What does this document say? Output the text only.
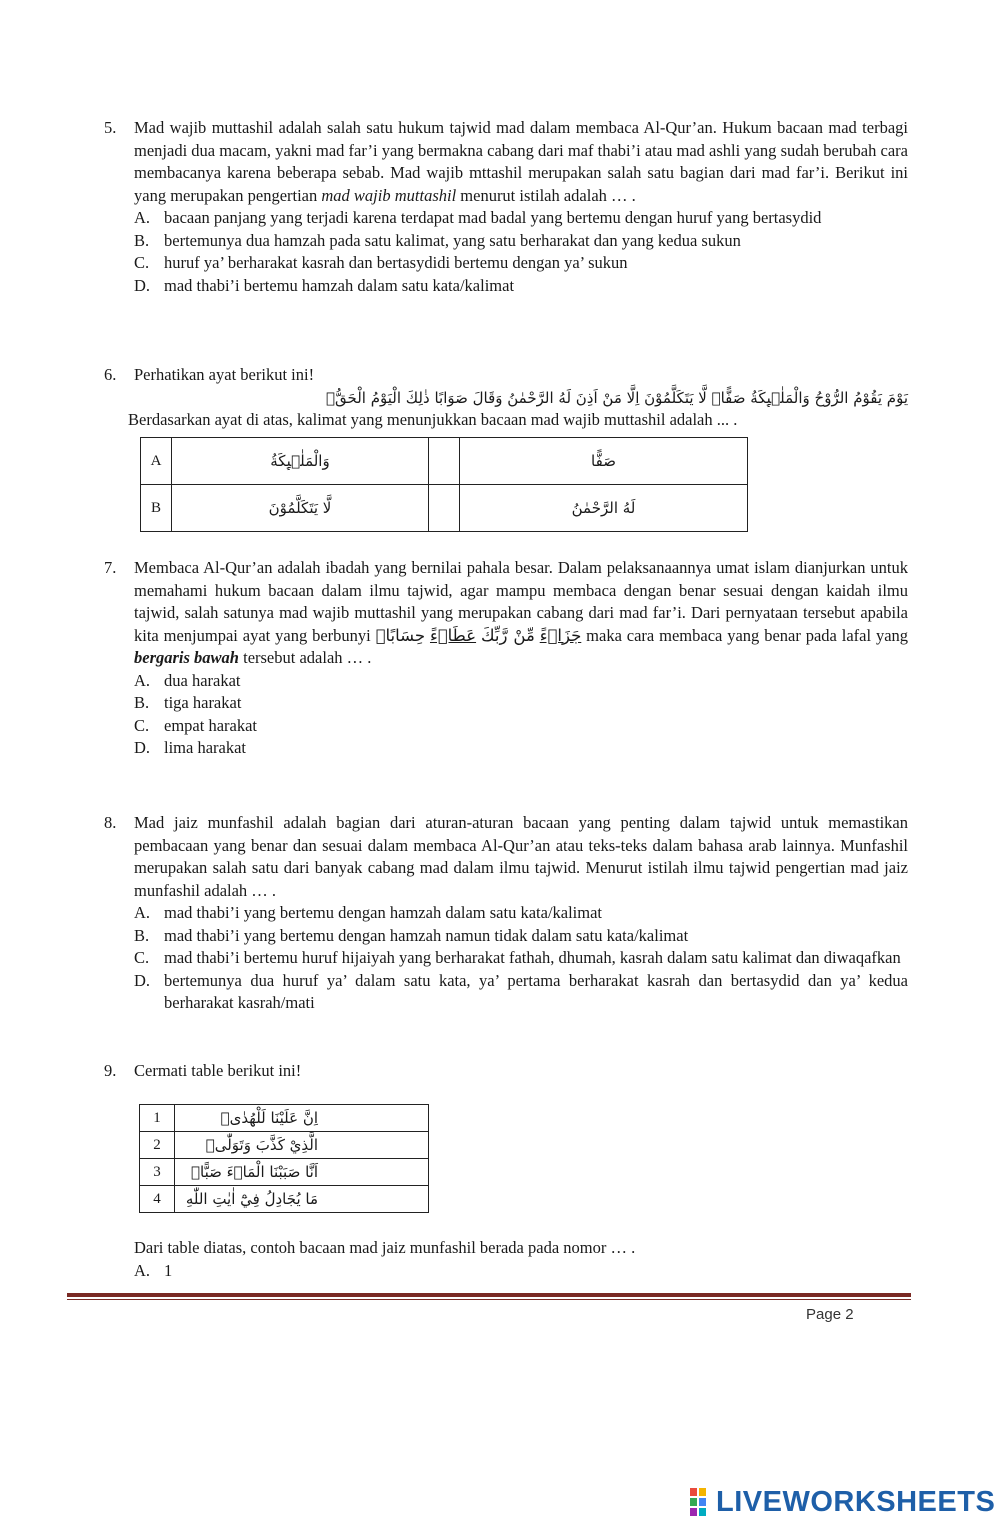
5.	Mad wajib muttashil adalah salah satu hukum tajwid mad dalam membaca Al-Qur’an. Hukum bacaan mad terbagi menjadi dua macam, yakni mad far’i yang bermakna cabang dari maf thabi’i atau mad ashli yang sudah berubah cara membacanya karena beberapa sebab. Mad wajib mttashil merupakan salah satu bagian dari mad far’i. Berikut ini yang merupakan pengertian mad wajib muttashil menurut istilah adalah … .
A. bacaan panjang yang terjadi karena terdapat mad badal yang bertemu dengan huruf yang bertasydid
B. bertemunya dua hamzah pada satu kalimat, yang satu berharakat dan yang kedua sukun
C. huruf ya’ berharakat kasrah dan bertasydidi bertemu dengan ya’ sukun
D. mad thabi’i bertemu hamzah dalam satu kata/kalimat
6.	Perhatikan ayat berikut ini!
يَوْمَ يَقُوْمُ الرُّوْحُ وَالْمَلٰۤىِٕكَةُ صَفًّاۙ لَّا يَتَكَلَّمُوْنَ اِلَّا مَنْ اَذِنَ لَهُ الرَّحْمٰنُ وَقَالَ صَوَابًا ذٰلِكَ الْيَوْمُ الْحَقُّۚ
Berdasarkan ayat di atas, kalimat yang menunjukkan bacaan mad wajib muttashil adalah ... .
A	وَالْمَلٰۤىِٕكَةُ		صَفًّا
B	لَّا يَتَكَلَّمُوْنَ		لَهُ الرَّحْمٰنُ
7.	Membaca Al-Qur’an adalah ibadah yang bernilai pahala besar. Dalam pelaksanaannya umat islam dianjurkan untuk memahami hukum bacaan dalam ilmu tajwid, agar mampu membaca dengan benar sesuai dengan kaidah ilmu tajwid, salah satunya mad wajib muttashil yang merupakan cabang dari mad far’i. Dari pernyataan tersebut apabila kita menjumpai ayat yang berbunyi	جَزَاۤءً مِّنْ رَّبِّكَ عَطَاۤءً حِسَابًاۙ	maka cara membaca yang benar pada lafal yang bergaris bawah tersebut adalah … .
A. dua harakat
B. tiga harakat
C. empat harakat
D. lima harakat
8.	Mad jaiz munfashil adalah bagian dari aturan-aturan bacaan yang penting dalam tajwid untuk memastikan pembacaan yang benar dan sesuai dalam membaca Al-Qur’an atau teks-teks dalam bahasa arab lainnya. Munfashil merupakan salah satu dari banyak cabang mad dalam ilmu tajwid. Menurut istilah ilmu tajwid pengertian mad jaiz munfashil adalah … .
A. mad thabi’i yang bertemu dengan hamzah dalam satu kata/kalimat
B. mad thabi’i yang bertemu dengan hamzah namun tidak dalam satu kata/kalimat
C. mad thabi’i bertemu huruf hijaiyah yang berharakat fathah, dhumah, kasrah dalam satu kalimat dan diwaqafkan
D. bertemunya dua huruf ya’ dalam satu kata, ya’ pertama berharakat kasrah dan bertasydid dan ya’ kedua berharakat kasrah/mati
9.	Cermati table berikut ini!
1	اِنَّ عَلَيْنَا لَلْهُدٰىۖ
2	الَّذِيْ كَذَّبَ وَتَوَلّٰىۗ
3	اَنَّا صَبَبْنَا الْمَاۤءَ صَبًّاۙ
4	مَا يُجَادِلُ فِيْٓ اٰيٰتِ اللّٰهِ
Dari table diatas, contoh bacaan mad jaiz munfashil berada pada nomor … .
A. 1
Page 2
LIVEWORKSHEETS
